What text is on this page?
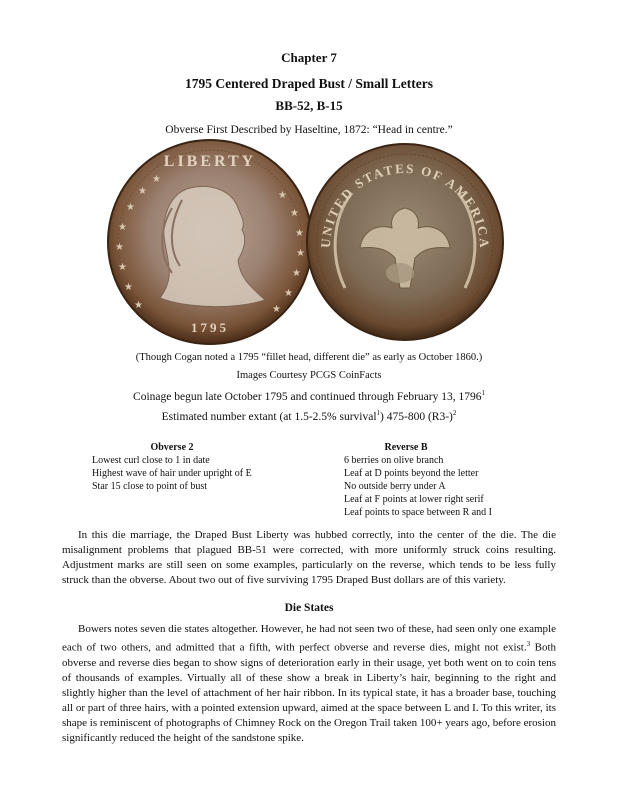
Chapter 7
1795 Centered Draped Bust / Small Letters
BB-52, B-15
Obverse First Described by Haseltine, 1872: “Head in centre.”
★
★
★
★
★
★
★
★
★
★
★
★
★
★
★
LIBERTY
1795
UNITED STATES OF AMERICA
(Though Cogan noted a 1795 “fillet head, different die” as early as October 1860.)
Images Courtesy PCGS CoinFacts
Coinage begun late October 1795 and continued through February 13, 1796$^1$
Estimated number extant (at 1.5-2.5% survival$^1$) 475-800 $(R3-)^2$
Obverse 2
Lowest curl close to 1 in date
Highest wave of hair under upright of E
Star 15 close to point of bust
Reverse B
6 berries on olive branch
Leaf at D points beyond the letter
No outside berry under A
Leaf at F points at lower right serif
Leaf points to space between R and I

In this die marriage, the Draped Bust Liberty was hubbed correctly, into the center of the die. The die misalignment problems that plagued BB-51 were corrected, with more uniformly struck coins resulting. Adjustment marks are still seen on some examples, particularly on the reverse, which tends to be less fully struck than the obverse. About two out of five surviving 1795 Draped Bust dollars are of this variety.

Die States

Bowers notes seven die states altogether. However, he had not seen two of these, had seen only one example each of two others, and admitted that a fifth, with perfect obverse and reverse dies, might not exist.$^3$ Both obverse and reverse dies began to show signs of deterioration early in their usage, yet both went on to coin tens of thousands of examples. Virtually all of these show a break in Liberty’s hair, beginning to the right and slightly higher than the level of attachment of her hair ribbon. In its typical state, it has a broader base, touching all or part of three hairs, with a pointed extension upward, aimed at the space between L and I. To this writer, its shape is reminiscent of photographs of Chimney Rock on the Oregon Trail taken 100+ years ago, before erosion significantly reduced the height of the sandstone spike.
